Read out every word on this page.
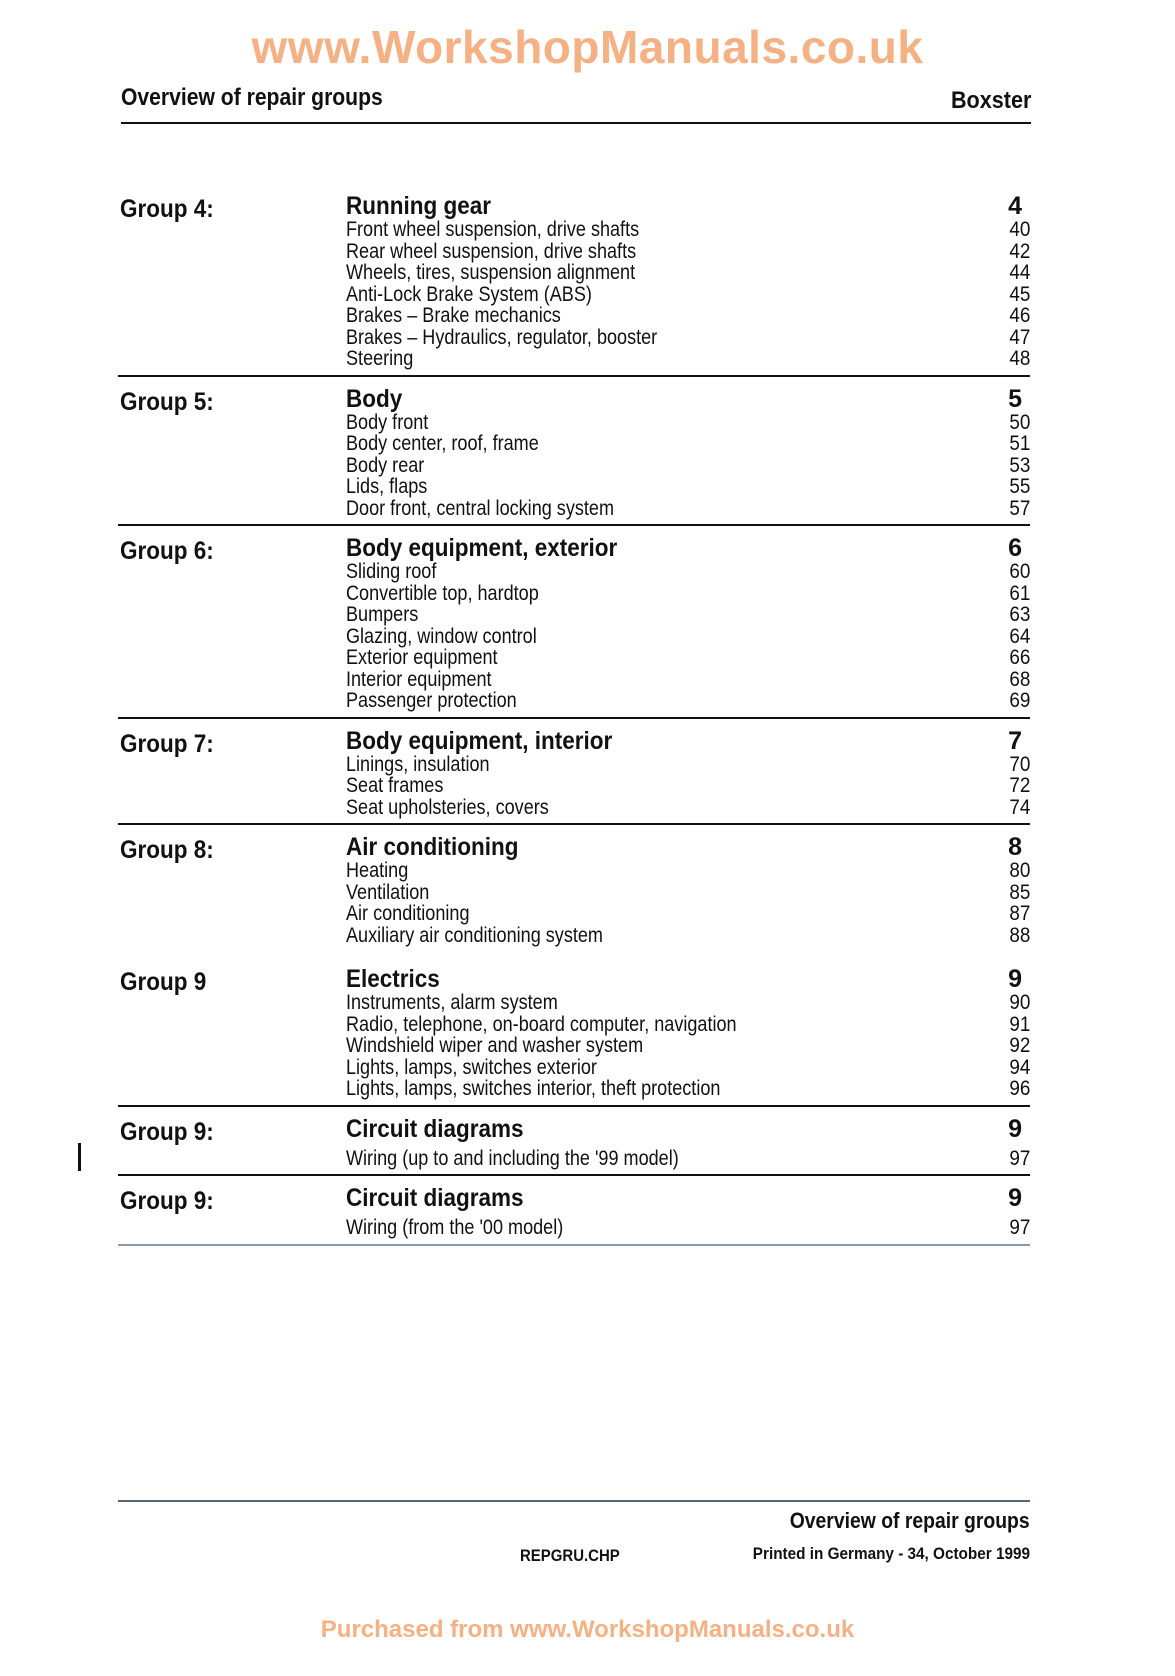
www.WorkshopManuals.co.uk
Overview of repair groups	Boxster
Group 4:	Running gear	4
Front wheel suspension, drive shafts	40
Rear wheel suspension, drive shafts	42
Wheels, tires, suspension alignment	44
Anti-Lock Brake System (ABS)	45
Brakes – Brake mechanics	46
Brakes – Hydraulics, regulator, booster	47
Steering	48
Group 5:	Body	5
Body front	50
Body center, roof, frame	51
Body rear	53
Lids, flaps	55
Door front, central locking system	57
Group 6:	Body equipment, exterior	6
Sliding roof	60
Convertible top, hardtop	61
Bumpers	63
Glazing, window control	64
Exterior equipment	66
Interior equipment	68
Passenger protection	69
Group 7:	Body equipment, interior	7
Linings, insulation	70
Seat frames	72
Seat upholsteries, covers	74
Group 8:	Air conditioning	8
Heating	80
Ventilation	85
Air conditioning	87
Auxiliary air conditioning system	88
Group 9	Electrics	9
Instruments, alarm system	90
Radio, telephone, on-board computer, navigation	91
Windshield wiper and washer system	92
Lights, lamps, switches exterior	94
Lights, lamps, switches interior, theft protection	96
Group 9:	Circuit diagrams	9
Wiring (up to and including the '99 model)	97
Group 9:	Circuit diagrams	9
Wiring (from the '00 model)	97
Overview of repair groups
REPGRU.CHP	Printed in Germany - 34, October 1999
Purchased from www.WorkshopManuals.co.uk
